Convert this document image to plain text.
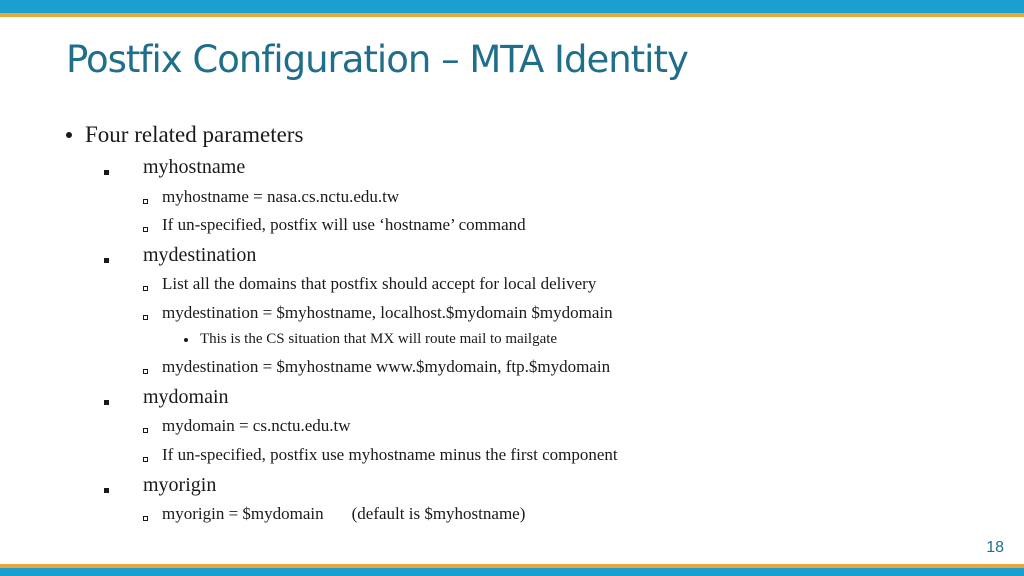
Postfix Configuration – MTA Identity
Four related parameters
myhostname
myhostname = nasa.cs.nctu.edu.tw
If un-specified, postfix will use ‘hostname’ command
mydestination
List all the domains that postfix should accept for local delivery
mydestination = $myhostname, localhost.$mydomain $mydomain
This is the CS situation that MX will route mail to mailgate
mydestination = $myhostname www.$mydomain, ftp.$mydomain
mydomain
mydomain = cs.nctu.edu.tw
If un-specified, postfix use myhostname minus the first component
myorigin
myorigin = $mydomain (default is $myhostname)
18
